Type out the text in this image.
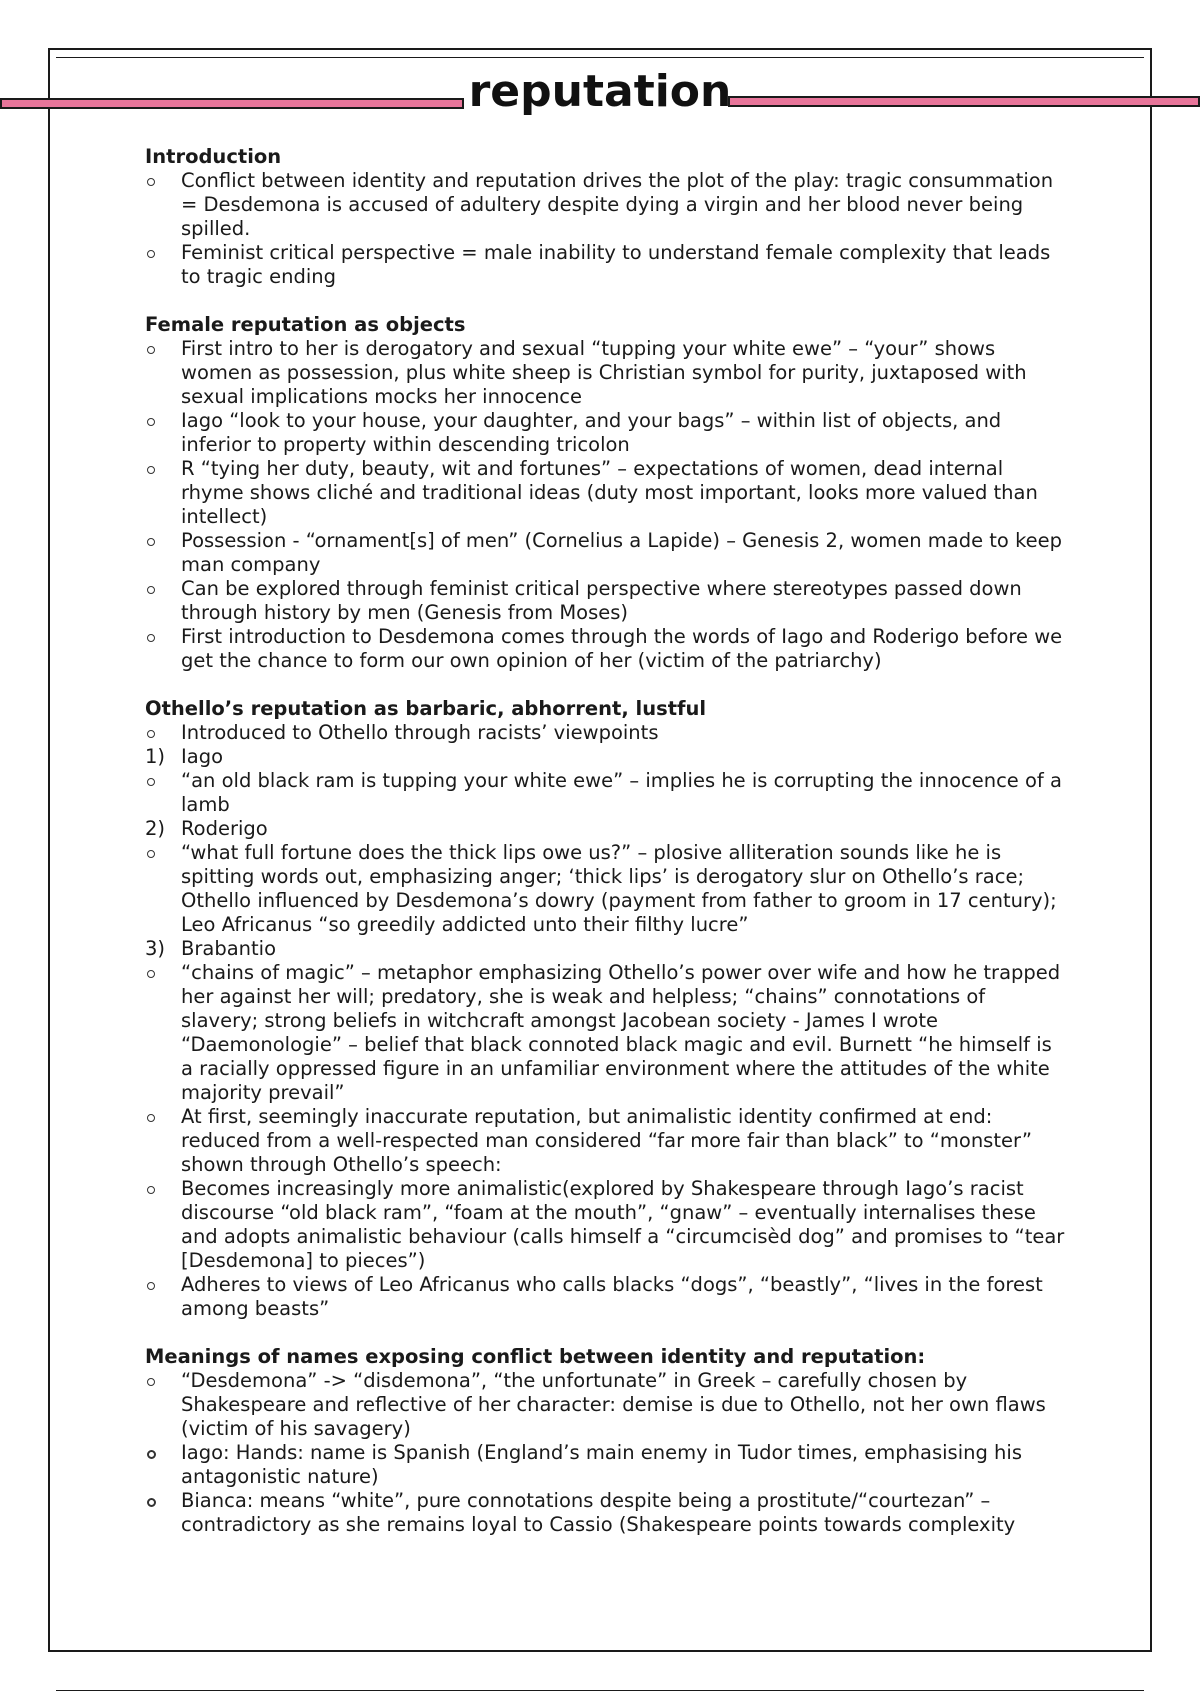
reputation
Introduction
Conflict between identity and reputation drives the plot of the play: tragic consummation = Desdemona is accused of adultery despite dying a virgin and her blood never being spilled.
Feminist critical perspective = male inability to understand female complexity that leads to tragic ending
Female reputation as objects
First intro to her is derogatory and sexual “tupping your white ewe” – “your” shows women as possession, plus white sheep is Christian symbol for purity, juxtaposed with sexual implications mocks her innocence
Iago “look to your house, your daughter, and your bags” – within list of objects, and inferior to property within descending tricolon
R “tying her duty, beauty, wit and fortunes” – expectations of women, dead internal rhyme shows cliché and traditional ideas (duty most important, looks more valued than intellect)
Possession - “ornament[s] of men” (Cornelius a Lapide) – Genesis 2, women made to keep man company
Can be explored through feminist critical perspective where stereotypes passed down through history by men (Genesis from Moses)
First introduction to Desdemona comes through the words of Iago and Roderigo before we get the chance to form our own opinion of her (victim of the patriarchy)
Othello’s reputation as barbaric, abhorrent, lustful
Introduced to Othello through racists’ viewpoints
1) Iago
“an old black ram is tupping your white ewe” – implies he is corrupting the innocence of a lamb
2) Roderigo
“what full fortune does the thick lips owe us?” – plosive alliteration sounds like he is spitting words out, emphasizing anger; ‘thick lips’ is derogatory slur on Othello’s race; Othello influenced by Desdemona’s dowry (payment from father to groom in 17 century); Leo Africanus “so greedily addicted unto their filthy lucre”
3) Brabantio
“chains of magic” – metaphor emphasizing Othello’s power over wife and how he trapped her against her will; predatory, she is weak and helpless; “chains” connotations of slavery; strong beliefs in witchcraft amongst Jacobean society - James I wrote “Daemonologie” – belief that black connoted black magic and evil. Burnett “he himself is a racially oppressed figure in an unfamiliar environment where the attitudes of the white majority prevail”
At first, seemingly inaccurate reputation, but animalistic identity confirmed at end: reduced from a well-respected man considered “far more fair than black” to “monster” shown through Othello’s speech:
Becomes increasingly more animalistic(explored by Shakespeare through Iago’s racist discourse “old black ram”, “foam at the mouth”, “gnaw” – eventually internalises these and adopts animalistic behaviour (calls himself a “circumcisèd dog” and promises to “tear [Desdemona] to pieces”)
Adheres to views of Leo Africanus who calls blacks “dogs”, “beastly”, “lives in the forest among beasts”
Meanings of names exposing conflict between identity and reputation:
“Desdemona” -> “disdemona”, “the unfortunate” in Greek – carefully chosen by Shakespeare and reflective of her character: demise is due to Othello, not her own flaws (victim of his savagery)
Iago: Hands: name is Spanish (England’s main enemy in Tudor times, emphasising his antagonistic nature)
Bianca: means “white”, pure connotations despite being a prostitute/“courtezan” – contradictory as she remains loyal to Cassio (Shakespeare points towards complexity
